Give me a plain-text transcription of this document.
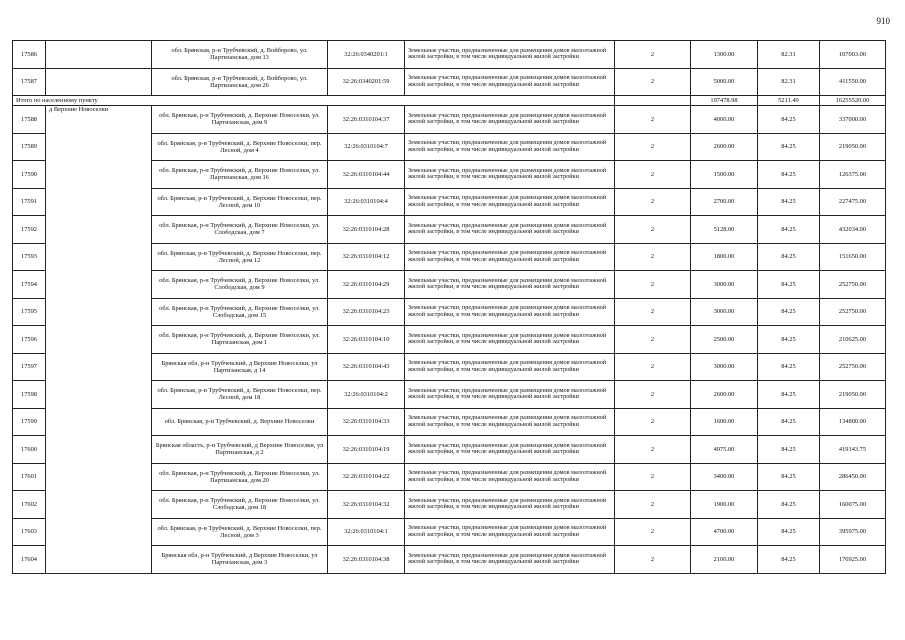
910
17586		обл. Брянская, р-н Трубчевский, д. Войборово, ул. Партизанская, дом 13	32:26:0340201:1	Земельные участки, предназначенные для размещения домов малоэтажной жилой застройки, в том числе индивидуальной жилой застройки	2	1300.00	82.31	107003.00
17587		обл. Брянская, р-н Трубчевский, д. Войборово, ул. Партизанская, дом 26	32:26:0340201:59	Земельные участки, предназначенные для размещения домов малоэтажной жилой застройки, в том числе индивидуальной жилой застройки	2	5000.00	82.31	411550.00
Итого по населенному пункту						197478.98	5211.49	16255520.00
17588	д Верхние Новоселки	обл. Брянская, р-н Трубчевский, д. Верхние Новоселки, ул. Партизанская, дом 9	32:26:0310104:37	Земельные участки, предназначенные для размещения домов малоэтажной жилой застройки, в том числе индивидуальной жилой застройки	2	4000.00	84.25	337000.00
17589		обл. Брянская, р-н Трубчевский, д. Верхние Новоселки, пер. Лесной, дом 4	32:26:0310104:7	Земельные участки, предназначенные для размещения домов малоэтажной жилой застройки, в том числе индивидуальной жилой застройки	2	2600.00	84.25	219050.00
17590		обл. Брянская, р-н Трубчевский, д. Верхние Новоселки, ул. Партизанская, дом 16	32:26:0310104:44	Земельные участки, предназначенные для размещения домов малоэтажной жилой застройки, в том числе индивидуальной жилой застройки	2	1500.00	84.25	126375.00
17591		обл. Брянская, р-н Трубчевский, д. Верхние Новоселки, пер. Лесной, дом 10	32:26:0310104:4	Земельные участки, предназначенные для размещения домов малоэтажной жилой застройки, в том числе индивидуальной жилой застройки	2	2700.00	84.25	227475.00
17592		обл. Брянская, р-н Трубчевский, д. Верхние Новоселки, ул. Слободская, дом 7	32:26:0310104:28	Земельные участки, предназначенные для размещения домов малоэтажной жилой застройки, в том числе индивидуальной жилой застройки	2	5128.00	84.25	432034.00
17593		обл. Брянская, р-н Трубчевский, д. Верхние Новоселки, пер. Лесной, дом 12	32:26:0310104:12	Земельные участки, предназначенные для размещения домов малоэтажной жилой застройки, в том числе индивидуальной жилой застройки	2	1800.00	84.25	151650.00
17594		обл. Брянская, р-н Трубчевский, д. Верхние Новоселки, ул. Слободская, дом 9	32:26:0310104:29	Земельные участки, предназначенные для размещения домов малоэтажной жилой застройки, в том числе индивидуальной жилой застройки	2	3000.00	84.25	252750.00
17595		обл. Брянская, р-н Трубчевский, д. Верхние Новоселки, ул. Слободская, дом 15	32:26:0310104:23	Земельные участки, предназначенные для размещения домов малоэтажной жилой застройки, в том числе индивидуальной жилой застройки	2	3000.00	84.25	252750.00
17596		обл. Брянская, р-н Трубчевский, д. Верхние Новоселки, ул. Партизанская, дом 1	32:26:0310104:10	Земельные участки, предназначенные для размещения домов малоэтажной жилой застройки, в том числе индивидуальной жилой застройки	2	2500.00	84.25	210625.00
17597		Брянская обл, р-н Трубчевский, д Верхние Новоселки, ул Партизанская, д 14	32:26:0310104:43	Земельные участки, предназначенные для размещения домов малоэтажной жилой застройки, в том числе индивидуальной жилой застройки	2	3000.00	84.25	252750.00
17598		обл. Брянская, р-н Трубчевский, д. Верхние Новоселки, пер. Лесной, дом 18	32:26:0310104:2	Земельные участки, предназначенные для размещения домов малоэтажной жилой застройки, в том числе индивидуальной жилой застройки	2	2600.00	84.25	219050.00
17599		обл. Брянская, р-н Трубчевский, д. Верхние Новоселки	32:26:0310104:33	Земельные участки, предназначенные для размещения домов малоэтажной жилой застройки, в том числе индивидуальной жилой застройки	2	1600.00	84.25	134800.00
17600		Брянская область, р-н Трубчевский, д Верхние Новоселки, ул Партизанская, д 2	32:26:0310104:19	Земельные участки, предназначенные для размещения домов малоэтажной жилой застройки, в том числе индивидуальной жилой застройки	2	4975.00	84.25	419143.75
17601		обл. Брянская, р-н Трубчевский, д. Верхние Новоселки, ул. Партизанская, дом 20	32:26:0310104:22	Земельные участки, предназначенные для размещения домов малоэтажной жилой застройки, в том числе индивидуальной жилой застройки	2	3400.00	84.25	286450.00
17602		обл. Брянская, р-н Трубчевский, д. Верхние Новоселки, ул. Слободская, дом 18	32:26:0310104:32	Земельные участки, предназначенные для размещения домов малоэтажной жилой застройки, в том числе индивидуальной жилой застройки	2	1900.00	84.25	160075.00
17603		обл. Брянская, р-н Трубчевский, д. Верхние Новоселки, пер. Лесной, дом 3	32:26:0310104:1	Земельные участки, предназначенные для размещения домов малоэтажной жилой застройки, в том числе индивидуальной жилой застройки	2	4700.00	84.25	395975.00
17604		Брянская обл, р-н Трубчевский, д Верхние Новоселки, ул Партизанская, дом 3	32:26:0310104:38	Земельные участки, предназначенные для размещения домов малоэтажной жилой застройки, в том числе индивидуальной жилой застройки	2	2100.00	84.25	176925.00
